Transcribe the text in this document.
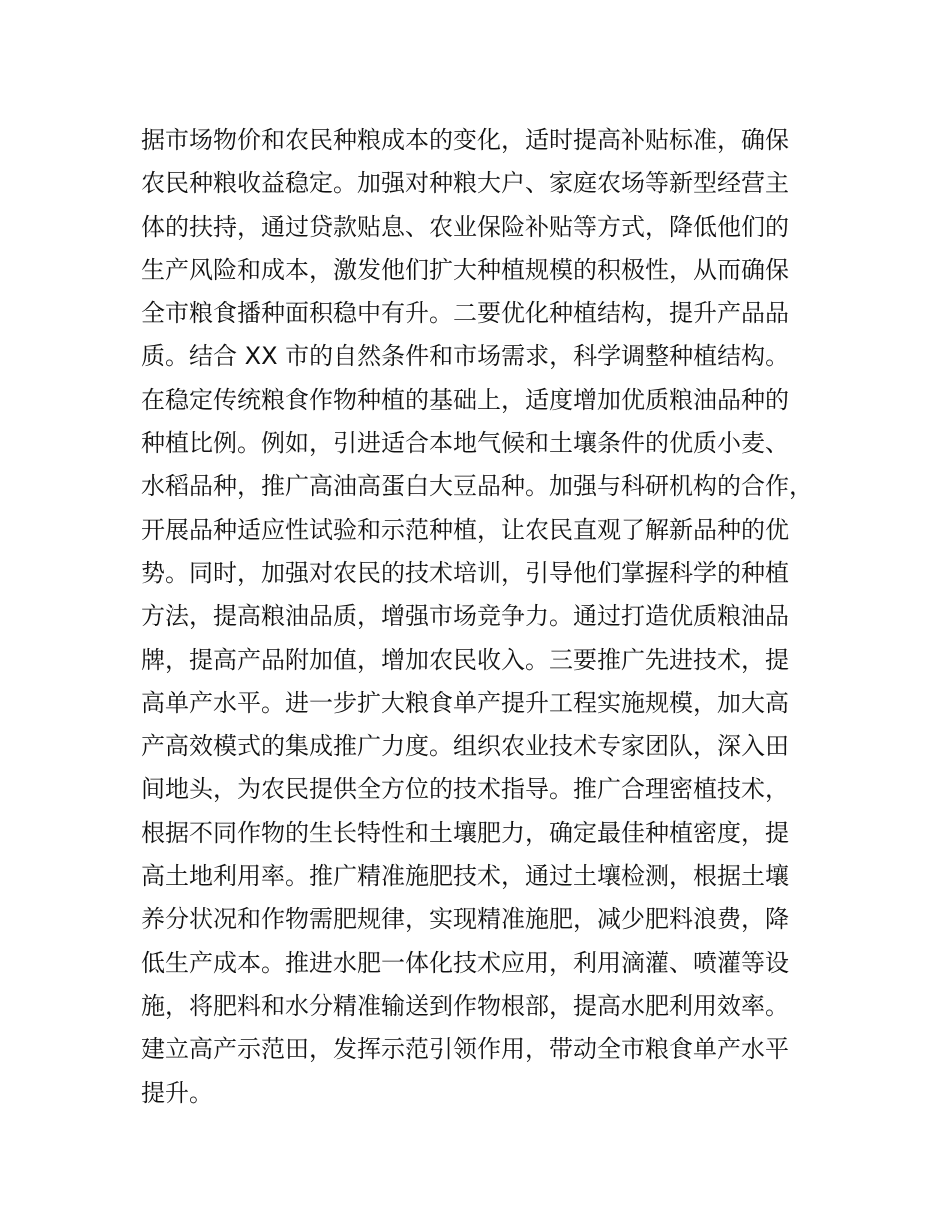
据市场物价和农民种粮成本的变化，适时提高补贴标准，确保
农民种粮收益稳定。加强对种粮大户、家庭农场等新型经营主
体的扶持，通过贷款贴息、农业保险补贴等方式，降低他们的
生产风险和成本，激发他们扩大种植规模的积极性，从而确保
全市粮食播种面积稳中有升。二要优化种植结构，提升产品品
质。结合 XX 市的自然条件和市场需求，科学调整种植结构。
在稳定传统粮食作物种植的基础上，适度增加优质粮油品种的
种植比例。例如，引进适合本地气候和土壤条件的优质小麦、
水稻品种，推广高油高蛋白大豆品种。加强与科研机构的合作，
开展品种适应性试验和示范种植，让农民直观了解新品种的优
势。同时，加强对农民的技术培训，引导他们掌握科学的种植
方法，提高粮油品质，增强市场竞争力。通过打造优质粮油品
牌，提高产品附加值，增加农民收入。三要推广先进技术，提
高单产水平。进一步扩大粮食单产提升工程实施规模，加大高
产高效模式的集成推广力度。组织农业技术专家团队，深入田
间地头，为农民提供全方位的技术指导。推广合理密植技术，
根据不同作物的生长特性和土壤肥力，确定最佳种植密度，提
高土地利用率。推广精准施肥技术，通过土壤检测，根据土壤
养分状况和作物需肥规律，实现精准施肥，减少肥料浪费，降
低生产成本。推进水肥一体化技术应用，利用滴灌、喷灌等设
施，将肥料和水分精准输送到作物根部，提高水肥利用效率。
建立高产示范田，发挥示范引领作用，带动全市粮食单产水平
提升。
